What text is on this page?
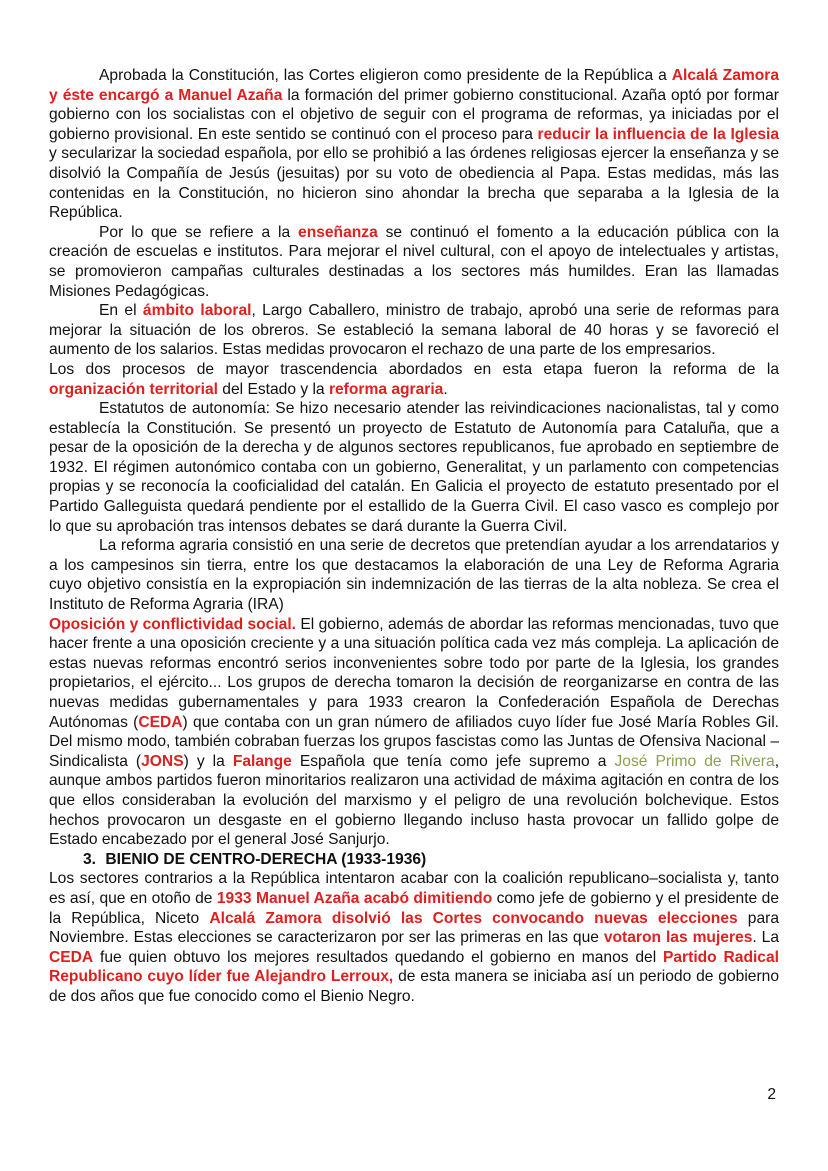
Aprobada la Constitución, las Cortes eligieron como presidente de la República a Alcalá Zamora y éste encargó a Manuel Azaña la formación del primer gobierno constitucional. Azaña optó por formar gobierno con los socialistas con el objetivo de seguir con el programa de reformas, ya iniciadas por el gobierno provisional. En este sentido se continuó con el proceso para reducir la influencia de la Iglesia y secularizar la sociedad española, por ello se prohibió a las órdenes religiosas ejercer la enseñanza y se disolvió la Compañía de Jesús (jesuitas) por su voto de obediencia al Papa. Estas medidas, más las contenidas en la Constitución, no hicieron sino ahondar la brecha que separaba a la Iglesia de la República.

Por lo que se refiere a la enseñanza se continuó el fomento a la educación pública con la creación de escuelas e institutos. Para mejorar el nivel cultural, con el apoyo de intelectuales y artistas, se promovieron campañas culturales destinadas a los sectores más humildes. Eran las llamadas Misiones Pedagógicas.

En el ámbito laboral, Largo Caballero, ministro de trabajo, aprobó una serie de reformas para mejorar la situación de los obreros. Se estableció la semana laboral de 40 horas y se favoreció el aumento de los salarios. Estas medidas provocaron el rechazo de una parte de los empresarios.

Los dos procesos de mayor trascendencia abordados en esta etapa fueron la reforma de la organización territorial del Estado y la reforma agraria.

Estatutos de autonomía: Se hizo necesario atender las reivindicaciones nacionalistas, tal y como establecía la Constitución. Se presentó un proyecto de Estatuto de Autonomía para Cataluña, que a pesar de la oposición de la derecha y de algunos sectores republicanos, fue aprobado en septiembre de 1932. El régimen autonómico contaba con un gobierno, Generalitat, y un parlamento con competencias propias y se reconocía la cooficialidad del catalán. En Galicia el proyecto de estatuto presentado por el Partido Galleguista quedará pendiente por el estallido de la Guerra Civil. El caso vasco es complejo por lo que su aprobación tras intensos debates se dará durante la Guerra Civil.

La reforma agraria consistió en una serie de decretos que pretendían ayudar a los arrendatarios y a los campesinos sin tierra, entre los que destacamos la elaboración de una Ley de Reforma Agraria cuyo objetivo consistía en la expropiación sin indemnización de las tierras de la alta nobleza. Se crea el Instituto de Reforma Agraria (IRA)

Oposición y conflictividad social. El gobierno, además de abordar las reformas mencionadas, tuvo que hacer frente a una oposición creciente y a una situación política cada vez más compleja. La aplicación de estas nuevas reformas encontró serios inconvenientes sobre todo por parte de la Iglesia, los grandes propietarios, el ejército... Los grupos de derecha tomaron la decisión de reorganizarse en contra de las nuevas medidas gubernamentales y para 1933 crearon la Confederación Española de Derechas Autónomas (CEDA) que contaba con un gran número de afiliados cuyo líder fue José María Robles Gil. Del mismo modo, también cobraban fuerzas los grupos fascistas como las Juntas de Ofensiva Nacional – Sindicalista (JONS) y la Falange Española que tenía como jefe supremo a José Primo de Rivera, aunque ambos partidos fueron minoritarios realizaron una actividad de máxima agitación en contra de los que ellos consideraban la evolución del marxismo y el peligro de una revolución bolchevique. Estos hechos provocaron un desgaste en el gobierno llegando incluso hasta provocar un fallido golpe de Estado encabezado por el general José Sanjurjo.

3. BIENIO DE CENTRO-DERECHA (1933-1936)

Los sectores contrarios a la República intentaron acabar con la coalición republicano–socialista y, tanto es así, que en otoño de 1933 Manuel Azaña acabó dimitiendo como jefe de gobierno y el presidente de la República, Niceto Alcalá Zamora disolvió las Cortes convocando nuevas elecciones para Noviembre. Estas elecciones se caracterizaron por ser las primeras en las que votaron las mujeres. La CEDA fue quien obtuvo los mejores resultados quedando el gobierno en manos del Partido Radical Republicano cuyo líder fue Alejandro Lerroux, de esta manera se iniciaba así un periodo de gobierno de dos años que fue conocido como el Bienio Negro.

2
